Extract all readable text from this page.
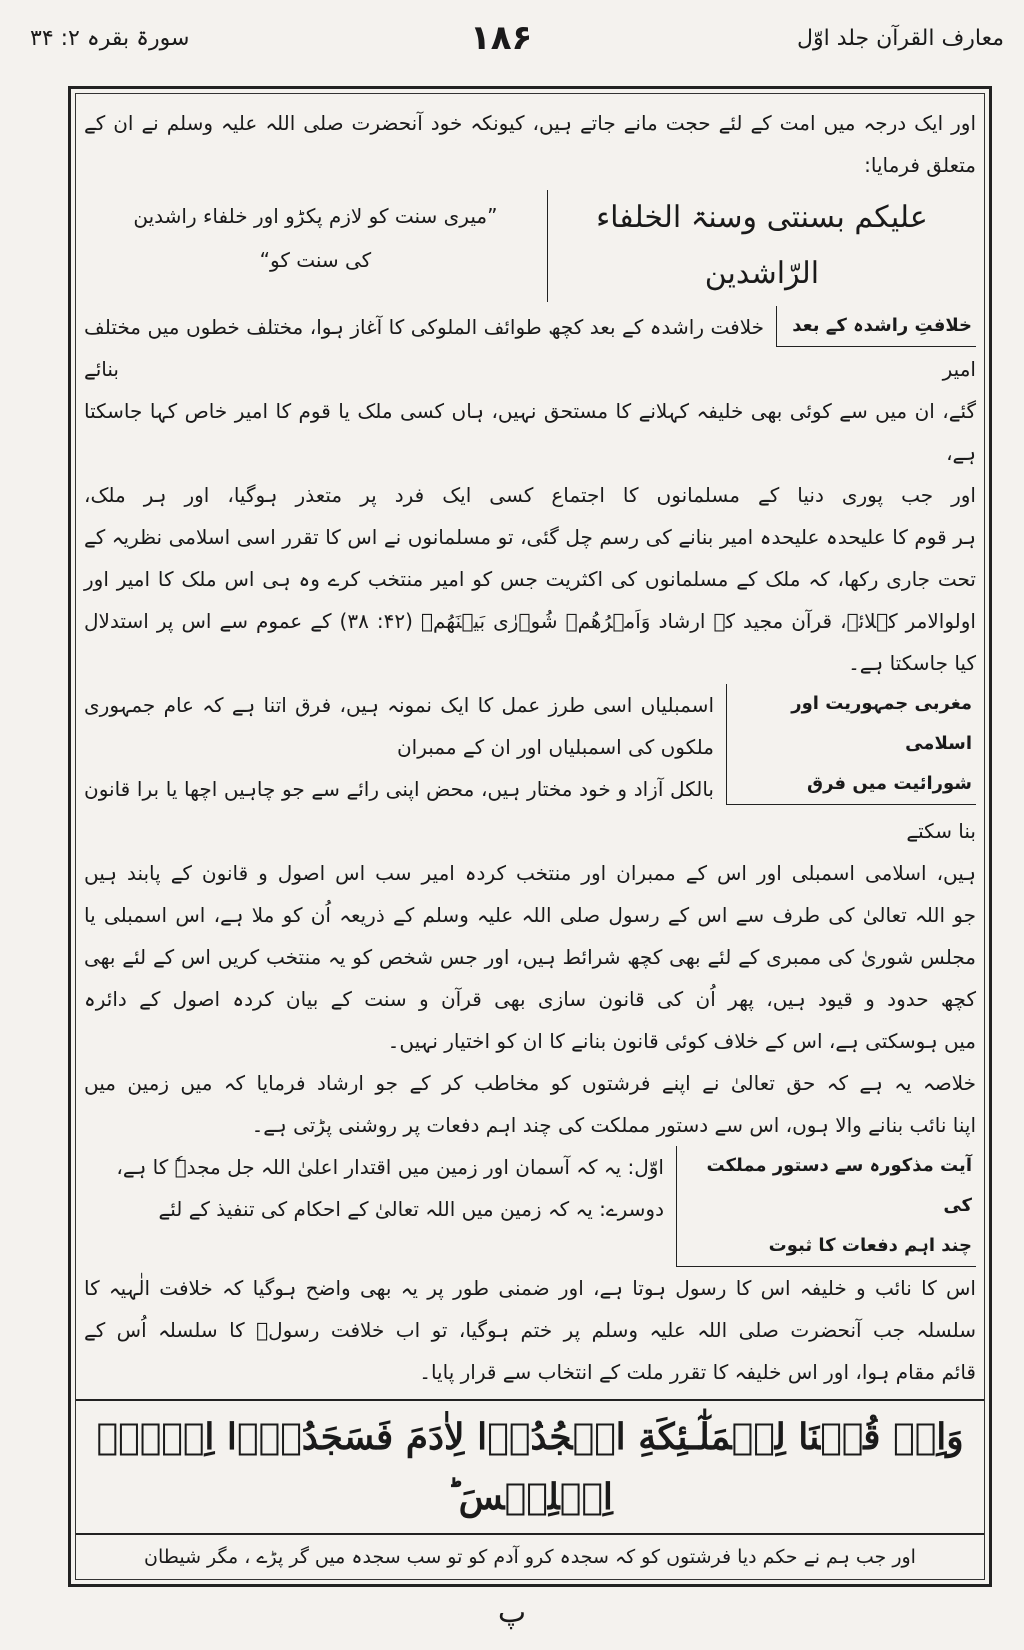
معارف القرآن جلد اوّل
۱۸۶
سورۃ بقرہ ۲: ۳۴
اور ایک درجہ میں امت کے لئے حجت مانے جاتے ہیں، کیونکہ خود آنحضرت صلی اللہ علیہ وسلم نے ان کے
متعلق فرمایا:
علیکم بسنتی وسنۃ الخلفاء
الرّاشدین
”میری سنت کو لازم پکڑو اور خلفاء راشدین
کی سنت کو“
خلافتِ راشدہ کے بعد
خلافت راشدہ کے بعد کچھ طوائف الملوکی کا آغاز ہوا، مختلف خطوں میں مختلف امیر بنائے
گئے، ان میں سے کوئی بھی خلیفہ کہلانے کا مستحق نہیں، ہاں کسی ملک یا قوم کا امیر خاص کہا جاسکتا ہے،
اور جب پوری دنیا کے مسلمانوں کا اجتماع کسی ایک فرد پر متعذر ہوگیا، اور ہر ملک،
ہر قوم کا علیحدہ علیحدہ امیر بنانے کی رسم چل گئی، تو مسلمانوں نے اس کا تقرر اسی اسلامی نظریہ کے
تحت جاری رکھا، کہ ملک کے مسلمانوں کی اکثریت جس کو امیر منتخب کرے وہ ہی اس ملک کا امیر اور
اولوالامر کہلائے، قرآن مجید کے ارشاد وَاَمۡرُهُمۡ شُوۡرٰى بَيۡنَهُمۡ (۴۲: ۳۸) کے عموم سے اس پر استدلال
کیا جاسکتا ہے۔
مغربی جمہوریت اور اسلامی
شورائیت میں فرق
اسمبلیاں اسی طرز عمل کا ایک نمونہ ہیں، فرق اتنا ہے کہ عام جمہوری ملکوں کی اسمبلیاں اور ان کے ممبران
بالکل آزاد و خود مختار ہیں، محض اپنی رائے سے جو چاہیں اچھا یا برا قانون بنا سکتے
ہیں، اسلامی اسمبلی اور اس کے ممبران اور منتخب کردہ امیر سب اس اصول و قانون کے پابند ہیں
جو اللہ تعالیٰ کی طرف سے اس کے رسول صلی اللہ علیہ وسلم کے ذریعہ اُن کو ملا ہے، اس اسمبلی یا
مجلس شوریٰ کی ممبری کے لئے بھی کچھ شرائط ہیں، اور جس شخص کو یہ منتخب کریں اس کے لئے بھی
کچھ حدود و قیود ہیں، پھر اُن کی قانون سازی بھی قرآن و سنت کے بیان کردہ اصول کے دائرہ
میں ہوسکتی ہے، اس کے خلاف کوئی قانون بنانے کا ان کو اختیار نہیں۔
خلاصہ یہ ہے کہ حق تعالیٰ نے اپنے فرشتوں کو مخاطب کر کے جو ارشاد فرمایا کہ میں زمین میں
اپنا نائب بنانے والا ہوں، اس سے دستور مملکت کی چند اہم دفعات پر روشنی پڑتی ہے۔
آیت مذکورہ سے دستور مملکت کی
چند اہم دفعات کا ثبوت
اوّل: یہ کہ آسمان اور زمین میں اقتدار اعلیٰ اللہ جل مجدہٗ کا ہے،
دوسرے: یہ کہ زمین میں اللہ تعالیٰ کے احکام کی تنفیذ کے لئے
اس کا نائب و خلیفہ اس کا رسول ہوتا ہے، اور ضمنی طور پر یہ بھی واضح ہوگیا کہ خلافت الٰہیہ کا
سلسلہ جب آنحضرت صلی اللہ علیہ وسلم پر ختم ہوگیا، تو اب خلافت رسولؐ کا سلسلہ اُس کے
قائم مقام ہوا، اور اس خلیفہ کا تقرر ملت کے انتخاب سے قرار پایا۔
وَاِذۡ قُلۡنَا لِلۡمَلٰٓـئِكَةِ اسۡجُدُوۡا لِاٰدَمَ فَسَجَدُوۡٓا اِلَّاۤ اِبۡلِيۡسَ ؕ
اور جب ہم نے حکم دیا فرشتوں کو کہ سجدہ کرو آدم کو تو سب سجدہ میں گر پڑے ، مگر شیطان
پ
